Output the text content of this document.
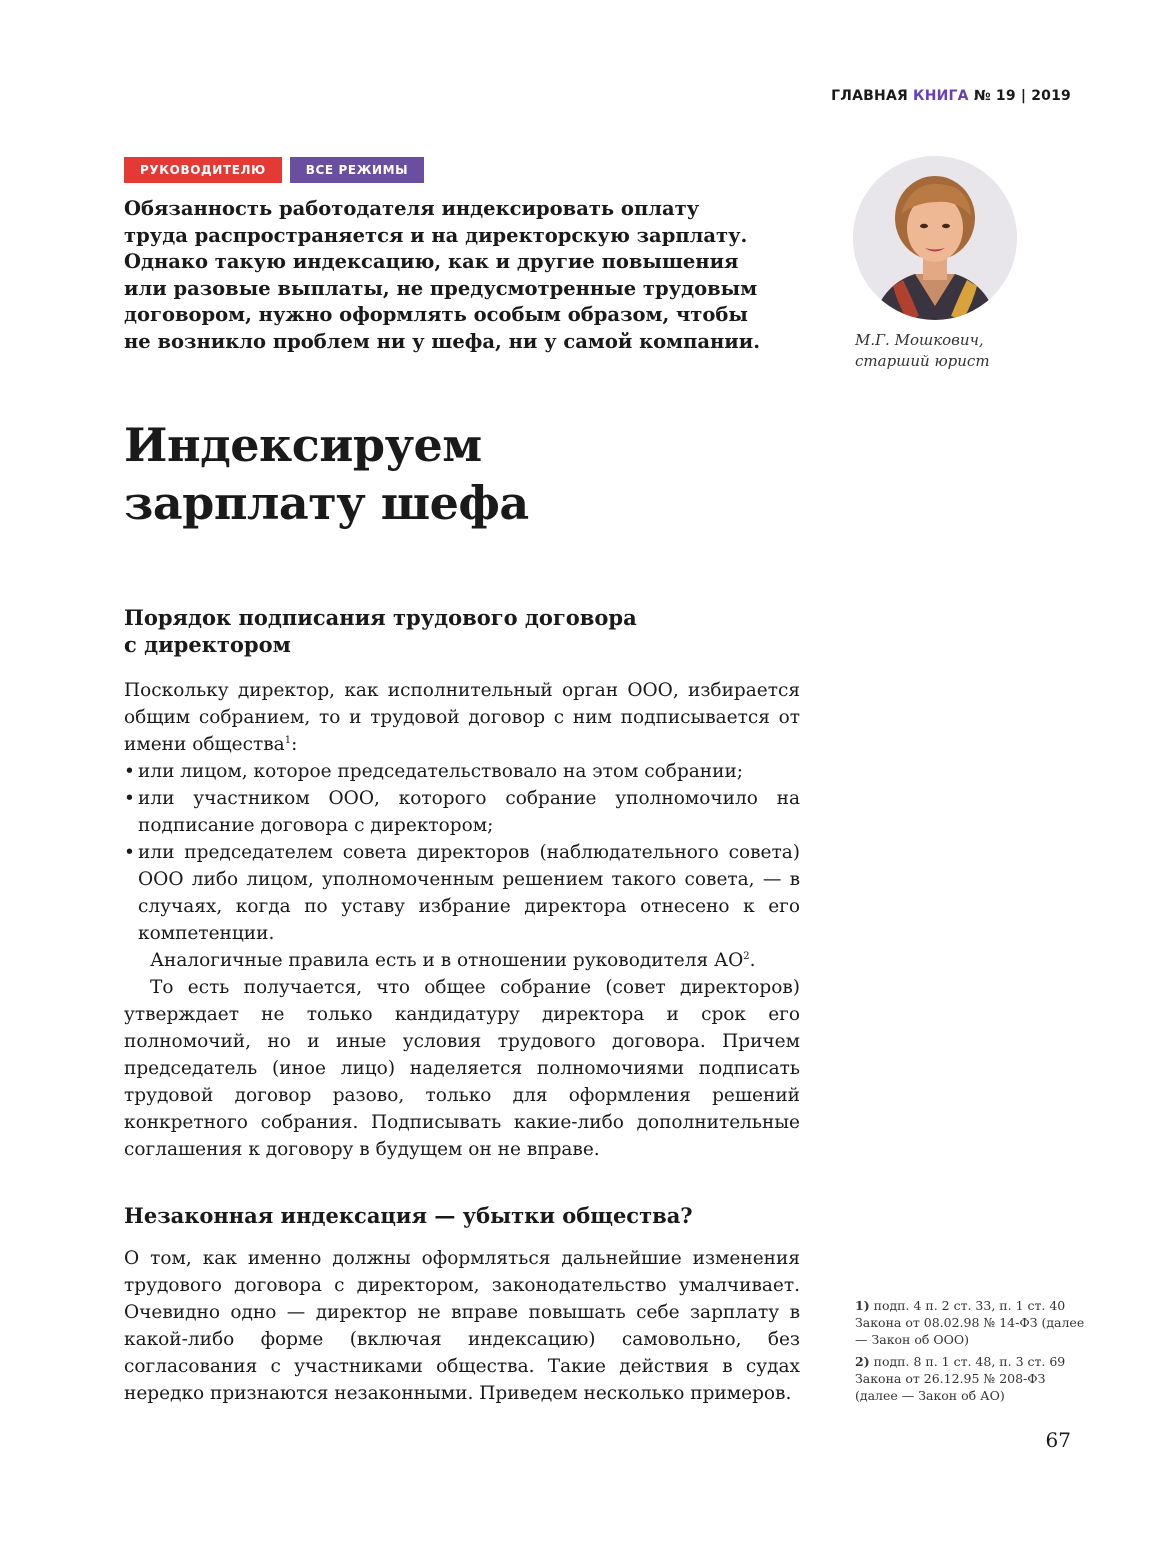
ГЛАВНАЯ КНИГА № 19 | 2019
РУКОВОДИТЕЛЮ	ВСЕ РЕЖИМЫ

Обязанность работодателя индексировать оплату труда распространяется и на директорскую зарплату. Однако такую индексацию, как и другие повышения или разовые выплаты, не предусмотренные трудовым договором, нужно оформлять особым образом, чтобы не возникло проблем ни у шефа, ни у самой компании.	М.Г. Мошкович,
старший юрист
Индексируем
зарплату шефа
Порядок подписания трудового договора
с директором

Поскольку директор, как исполнительный орган ООО, избирается общим собранием, то и трудовой договор с ним подписывается от имени общества$^1$:

• или лицом, которое председательствовало на этом собрании;
• или участником ООО, которого собрание уполномочило на подписание договора с директором;
• или председателем совета директоров (наблюдательного совета) ООО либо лицом, уполномоченным решением такого совета, — в случаях, когда по уставу избрание директора отнесено к его компетенции.

Аналогичные правила есть и в отношении руководителя $АО^2$.

То есть получается, что общее собрание (совет директоров) утверждает не только кандидатуру директора и срок его полномочий, но и иные условия трудового договора. Причем председатель (иное лицо) наделяется полномочиями подписать трудовой договор разово, только для оформления решений конкретного собрания. Подписывать какие-либо дополнительные соглашения к договору в будущем он не вправе.

Незаконная индексация — убытки общества?

О том, как именно должны оформляться дальнейшие изменения трудового договора с директором, законодательство умалчивает. Очевидно одно — директор не вправе повышать себе зарплату в какой-либо форме (включая индексацию) самовольно, без согласования с участниками общества. Такие действия в судах нередко признаются незаконными. Приведем несколько примеров.

1) подп. 4 п. 2 ст. 33, п. 1 ст. 40 Закона от 08.02.98 № 14-ФЗ (далее — Закон об ООО)

2) подп. 8 п. 1 ст. 48, п. 3 ст. 69 Закона от 26.12.95 № 208-ФЗ (далее — Закон об АО)

67
